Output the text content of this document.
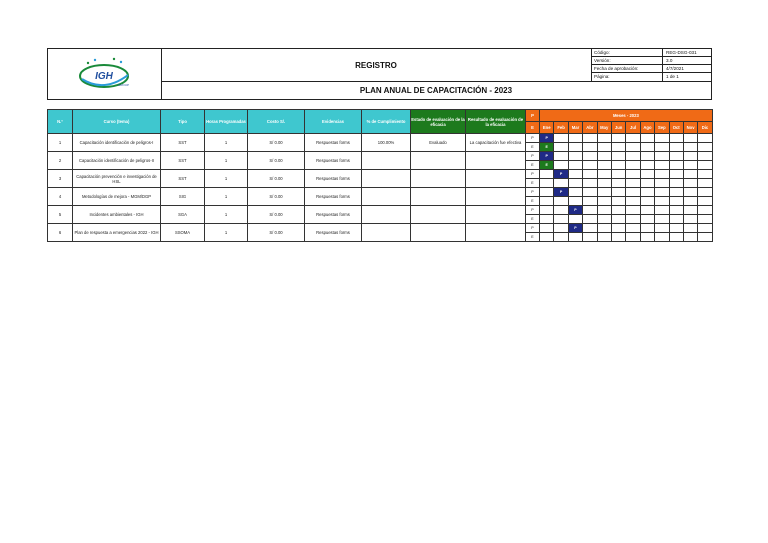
IGH
GROUP
REGISTRO
Código:	REG-DSG-031
Versión:	3.0
Fecha de aprobación:	4/7/2021
Página:	1 de 1
PLAN ANUAL DE CAPACITACIÓN - 2023
N.°	Curso (tema)	Tipo	Horas Programadas	Costo S/.	Evidencias	% de Cumplimiento	Estado de evaluación de la eficacia	Resultado de evaluación de la eficacia	P	Meses - 2023											
									E	Ene	Feb	Mar	Abr	May	Jun	Jul	Ago	Sep	Oct	Nov	Dic
1	Capacitación identificación de peligros-I	SST	1	S/ 0.00	Respuestas forms	100.00%	Evaluado	La capacitación fue efectiva	P	P											
									E	E											
2	Capacitación identificación de peligros-II	SST	1	S/ 0.00	Respuestas forms				P	P											
									E	E											
3	Capacitación prevención e investigación de HSL	SST	1	S/ 0.00	Respuestas forms				P		P										
									E												
4	Metodologías de mejora - MGM/DGP	SIG	1	S/ 0.00	Respuestas forms				P		P										
									E												
5	Incidentes ambientales - IGH	SGA	1	S/ 0.00	Respuestas forms				P			P									
									E												
6	Plan de respuesta a emergencias 2022 - IGH	SSOMA	1	S/ 0.00	Respuestas forms				P			P									
									E												
